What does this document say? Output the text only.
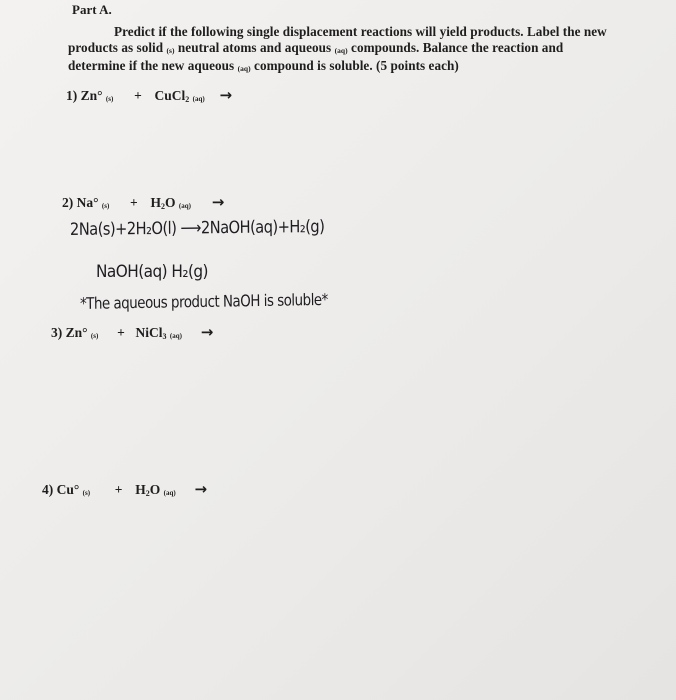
Part A.
Predict if the following single displacement reactions will yield products. Label the new products as solid (s) neutral atoms and aqueous (aq) compounds. Balance the reaction and determine if the new aqueous (aq) compound is soluble. (5 points each)
1) Zn° (s) + CuCl$_2$ (aq) →
2) Na° $(s) + H_2O$ (aq) →
2Na(s)+2H₂O(l) ⟶2NaOH(aq)+H₂(g)
NaOH(aq) H₂(g)
*The aqueous product NaOH is soluble*
3) Zn° (s) + NiCl$_3$ (aq) →
4) Cu° $(s) + H_2O$ (aq) →
